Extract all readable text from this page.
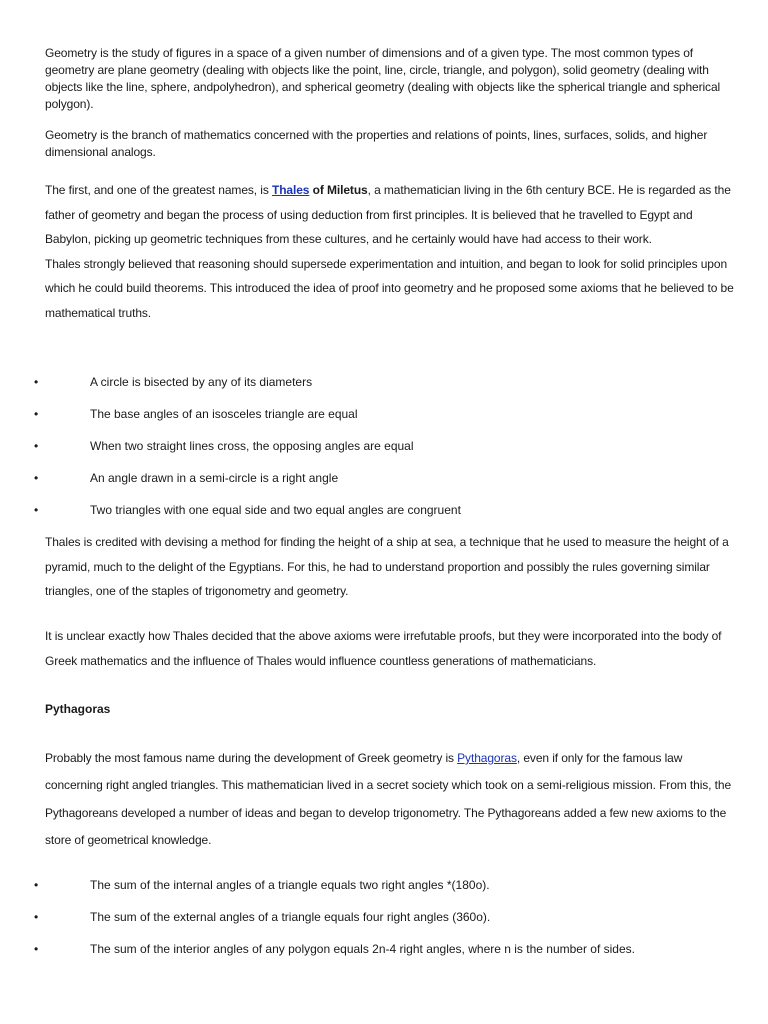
Geometry is the study of figures in a space of a given number of dimensions and of a given type. The most common types of geometry are plane geometry (dealing with objects like the point, line, circle, triangle, and polygon), solid geometry (dealing with objects like the line, sphere, andpolyhedron), and spherical geometry (dealing with objects like the spherical triangle and spherical polygon).

Geometry is the branch of mathematics concerned with the properties and relations of points, lines, surfaces, solids, and higher dimensional analogs.

The first, and one of the greatest names, is Thales of Miletus, a mathematician living in the 6th century BCE. He is regarded as the father of geometry and began the process of using deduction from first principles. It is believed that he travelled to Egypt and Babylon, picking up geometric techniques from these cultures, and he certainly would have had access to their work.
Thales strongly believed that reasoning should supersede experimentation and intuition, and began to look for solid principles upon which he could build theorems. This introduced the idea of proof into geometry and he proposed some axioms that he believed to be mathematical truths.

•	A circle is bisected by any of its diameters
•	The base angles of an isosceles triangle are equal
•	When two straight lines cross, the opposing angles are equal
•	An angle drawn in a semi-circle is a right angle
•	Two triangles with one equal side and two equal angles are congruent

Thales is credited with devising a method for finding the height of a ship at sea, a technique that he used to measure the height of a pyramid, much to the delight of the Egyptians. For this, he had to understand proportion and possibly the rules governing similar triangles, one of the staples of trigonometry and geometry.

It is unclear exactly how Thales decided that the above axioms were irrefutable proofs, but they were incorporated into the body of Greek mathematics and the influence of Thales would influence countless generations of mathematicians.

Pythagoras

Probably the most famous name during the development of Greek geometry is Pythagoras, even if only for the famous law concerning right angled triangles. This mathematician lived in a secret society which took on a semi-religious mission. From this, the Pythagoreans developed a number of ideas and began to develop trigonometry. The Pythagoreans added a few new axioms to the store of geometrical knowledge.

•	The sum of the internal angles of a triangle equals two right angles *(180o).
•	The sum of the external angles of a triangle equals four right angles (360o).
•	The sum of the interior angles of any polygon equals 2n-4 right angles, where n is the number of sides.
